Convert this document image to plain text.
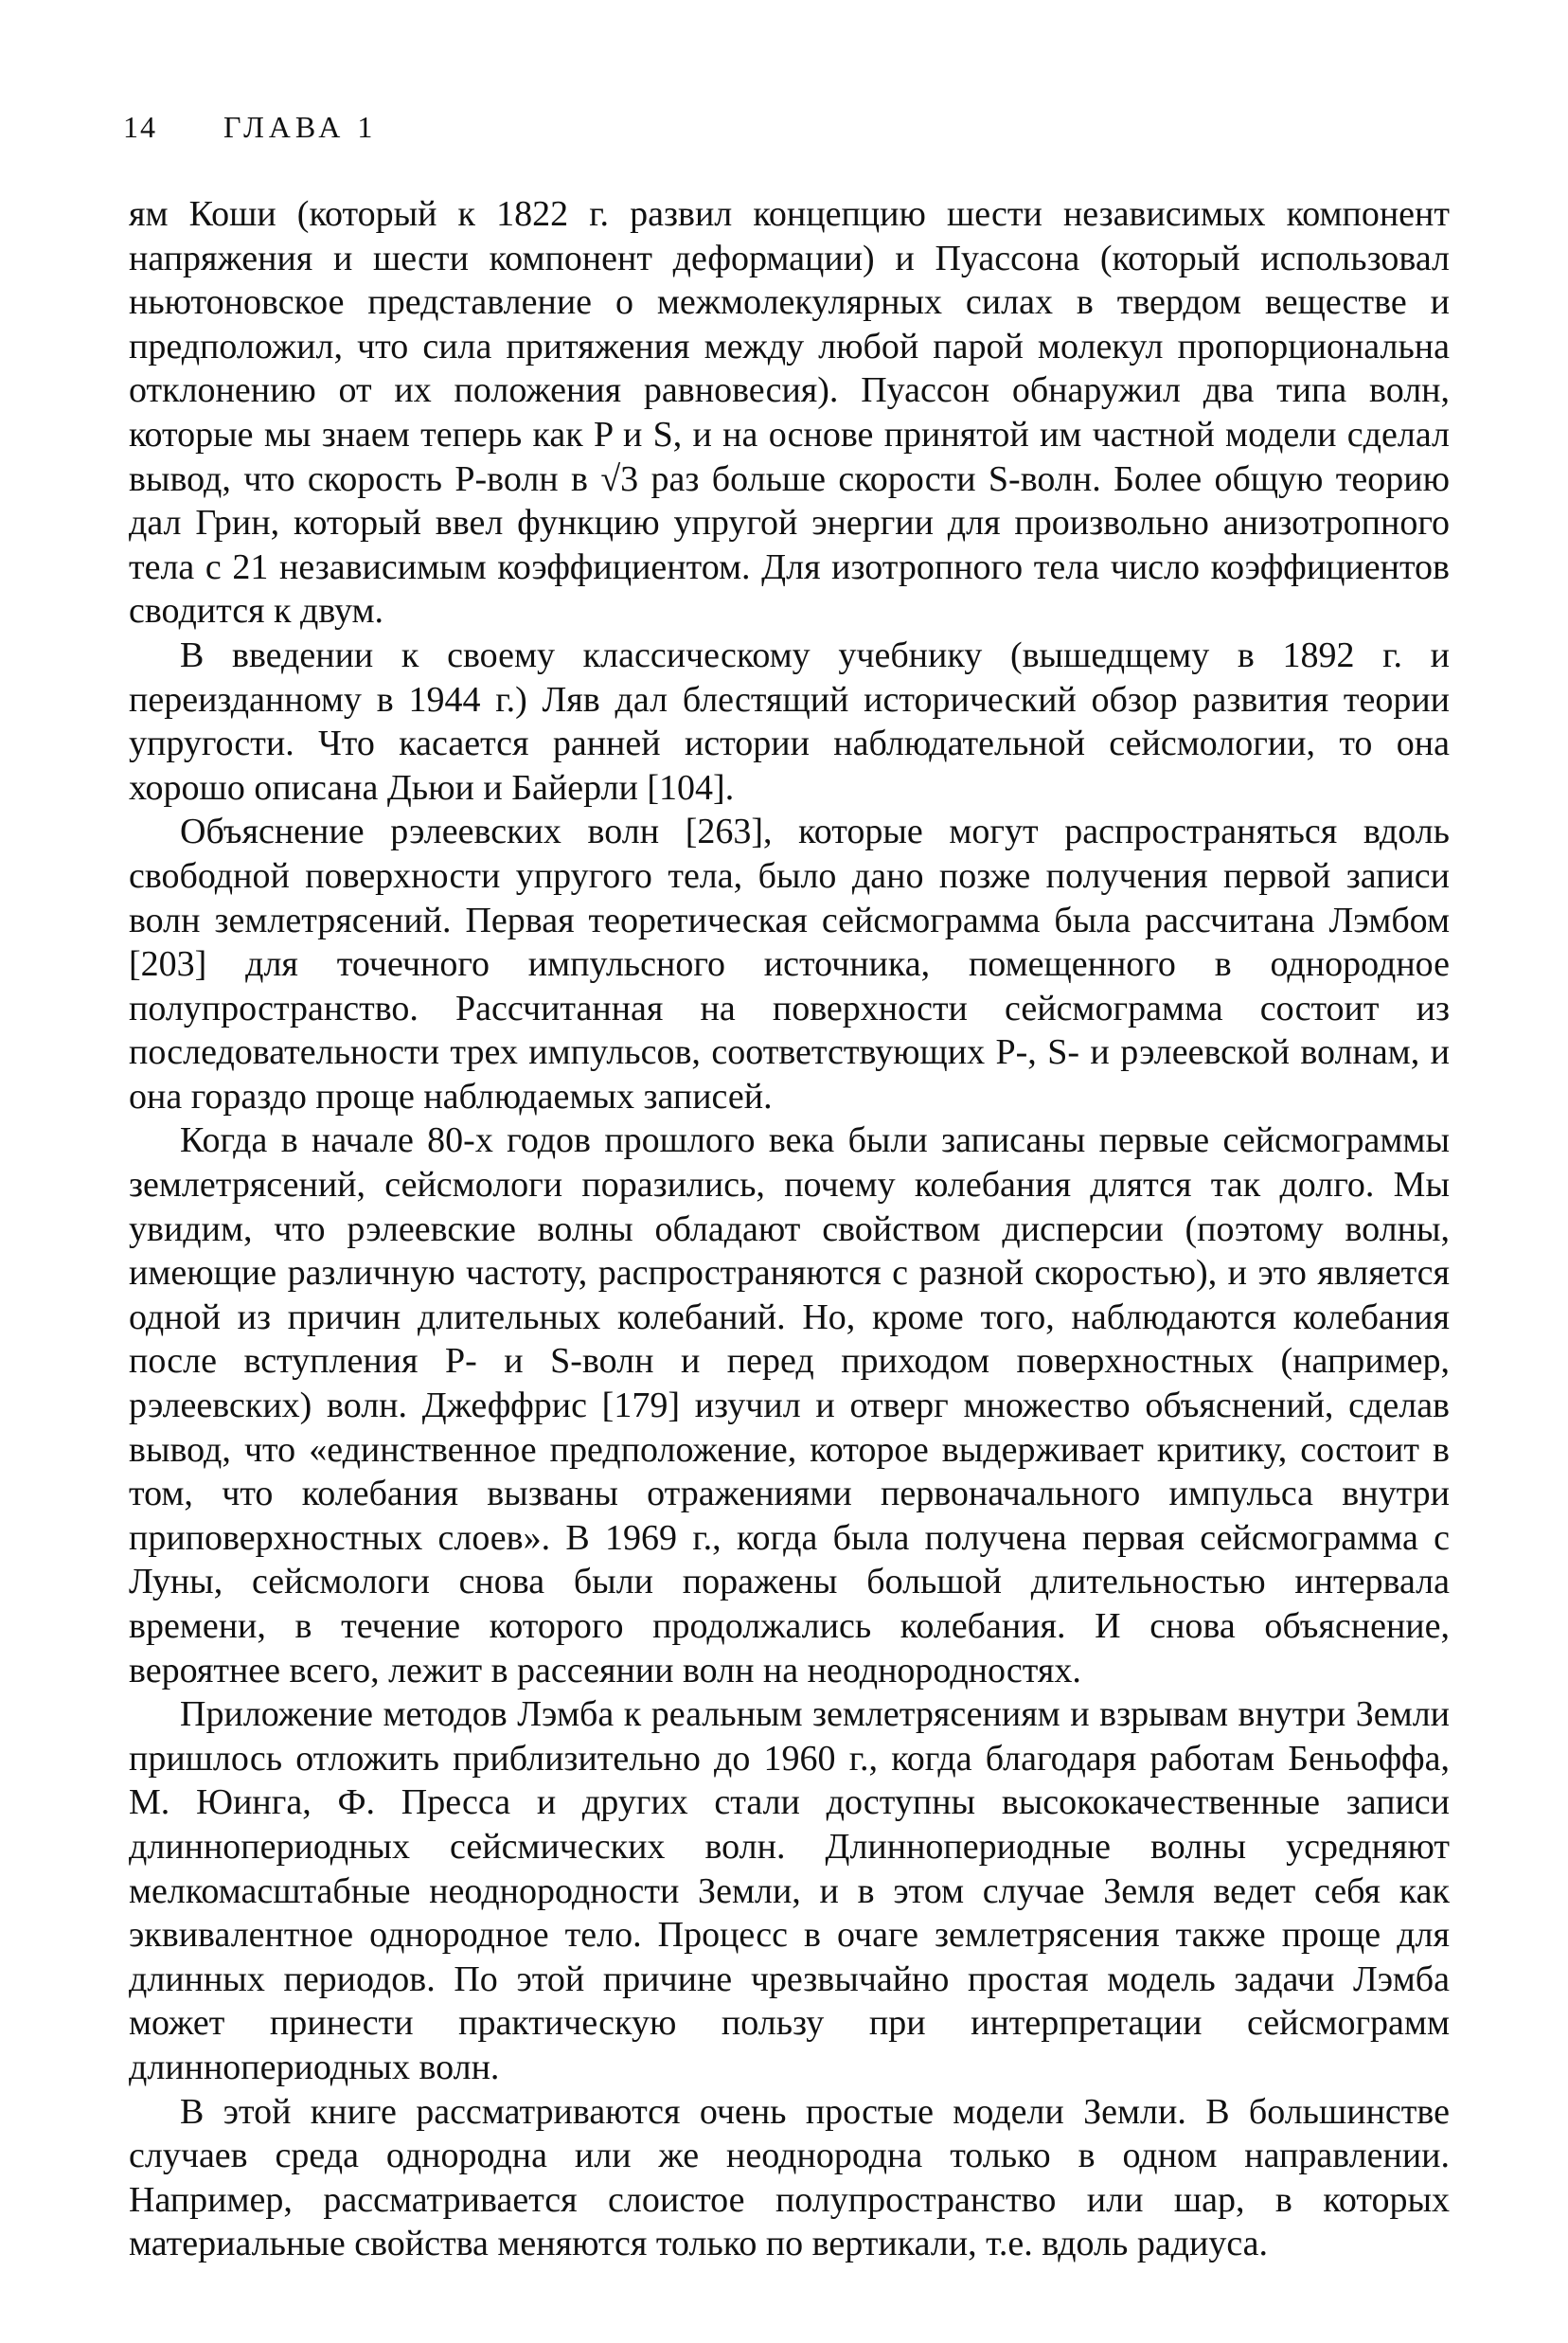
14 ГЛАВА 1

ям Коши (который к 1822 г. развил концепцию шести независимых компонент напряжения и шести компонент деформации) и Пуассона (который использовал ньютоновское представление о межмолекулярных силах в твердом веществе и предположил, что сила притяжения между любой парой молекул пропорциональна отклонению от их положения равновесия). Пуассон обнаружил два типа волн, которые мы знаем теперь как P и S, и на основе принятой им частной модели сделал вывод, что скорость P-волн в √3 раз больше скорости S-волн. Более общую теорию дал Грин, который ввел функцию упругой энергии для произвольно анизотропного тела с 21 независимым коэффициентом. Для изотропного тела число коэффициентов сводится к двум.

В введении к своему классическому учебнику (вышедщему в 1892 г. и переизданному в 1944 г.) Ляв дал блестящий исторический обзор развития теории упругости. Что касается ранней истории наблюдательной сейсмологии, то она хорошо описана Дьюи и Байерли [104].

Объяснение рэлеевских волн [263], которые могут распространяться вдоль свободной поверхности упругого тела, было дано позже получения первой записи волн землетрясений. Первая теоретическая сейсмограмма была рассчитана Лэмбом [203] для точечного импульсного источника, помещенного в однородное полупространство. Рассчитанная на поверхности сейсмограмма состоит из последовательности трех импульсов, соответствующих P-, S- и рэлеевской волнам, и она гораздо проще наблюдаемых записей.

Когда в начале 80-х годов прошлого века были записаны первые сейсмограммы землетрясений, сейсмологи поразились, почему колебания длятся так долго. Мы увидим, что рэлеевские волны обладают свойством дисперсии (поэтому волны, имеющие различную частоту, распространяются с разной скоростью), и это является одной из причин длительных колебаний. Но, кроме того, наблюдаются колебания после вступления P- и S-волн и перед приходом поверхностных (например, рэлеевских) волн. Джеффрис [179] изучил и отверг множество объяснений, сделав вывод, что «единственное предположение, которое выдерживает критику, состоит в том, что колебания вызваны отражениями первоначального импульса внутри приповерхностных слоев». В 1969 г., когда была получена первая сейсмограмма с Луны, сейсмологи снова были поражены большой длительностью интервала времени, в течение которого продолжались колебания. И снова объяснение, вероятнее всего, лежит в рассеянии волн на неоднородностях.

Приложение методов Лэмба к реальным землетрясениям и взрывам внутри Земли пришлось отложить приблизительно до 1960 г., когда благодаря работам Беньоффа, М. Юинга, Ф. Пресса и других стали доступны высококачественные записи длиннопериодных сейсмических волн. Длиннопериодные волны усредняют мелкомасштабные неоднородности Земли, и в этом случае Земля ведет себя как эквивалентное однородное тело. Процесс в очаге землетрясения также проще для длинных периодов. По этой причине чрезвычайно простая модель задачи Лэмба может принести практическую пользу при интерпретации сейсмограмм длиннопериодных волн.

В этой книге рассматриваются очень простые модели Земли. В большинстве случаев среда однородна или же неоднородна только в одном направлении. Например, рассматривается слоистое полупространство или шар, в которых материальные свойства меняются только по вертикали, т.е. вдоль радиуса.
